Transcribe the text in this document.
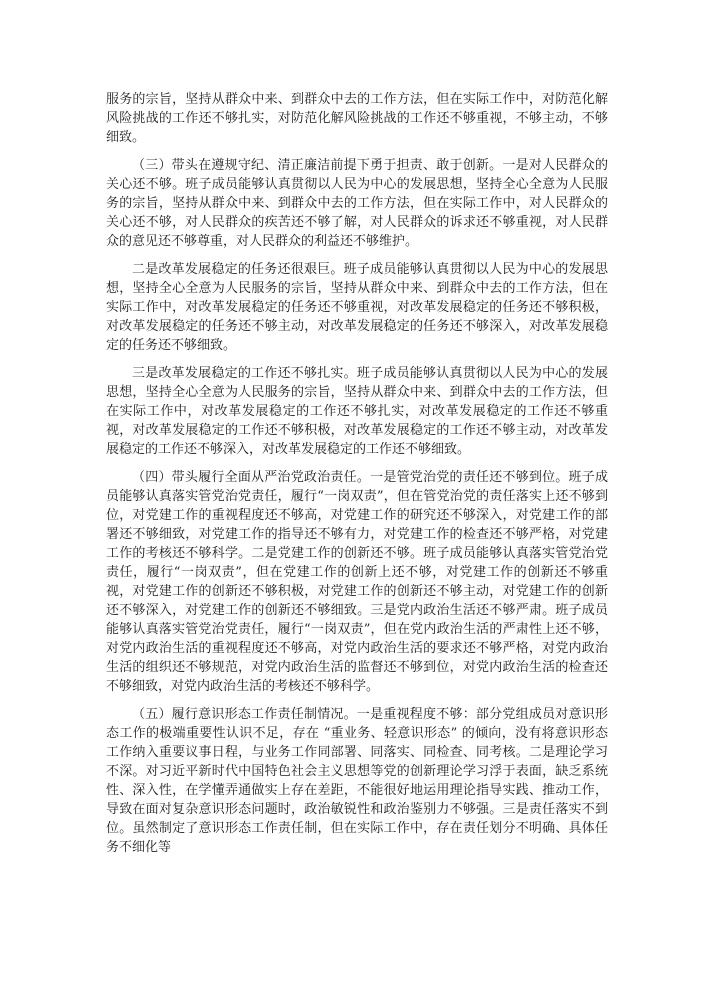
服务的宗旨，坚持从群众中来、到群众中去的工作方法，但在实际工作中，对防范化解风险挑战的工作还不够扎实，对防范化解风险挑战的工作还不够重视，不够主动，不够细致。

（三）带头在遵规守纪、清正廉洁前提下勇于担责、敢于创新。一是对人民群众的关心还不够。班子成员能够认真贯彻以人民为中心的发展思想，坚持全心全意为人民服务的宗旨，坚持从群众中来、到群众中去的工作方法，但在实际工作中，对人民群众的关心还不够，对人民群众的疾苦还不够了解，对人民群众的诉求还不够重视，对人民群众的意见还不够尊重，对人民群众的利益还不够维护。

二是改革发展稳定的任务还很艰巨。班子成员能够认真贯彻以人民为中心的发展思想，坚持全心全意为人民服务的宗旨，坚持从群众中来、到群众中去的工作方法，但在实际工作中，对改革发展稳定的任务还不够重视，对改革发展稳定的任务还不够积极，对改革发展稳定的任务还不够主动，对改革发展稳定的任务还不够深入，对改革发展稳定的任务还不够细致。

三是改革发展稳定的工作还不够扎实。班子成员能够认真贯彻以人民为中心的发展思想，坚持全心全意为人民服务的宗旨，坚持从群众中来、到群众中去的工作方法，但在实际工作中，对改革发展稳定的工作还不够扎实，对改革发展稳定的工作还不够重视，对改革发展稳定的工作还不够积极，对改革发展稳定的工作还不够主动，对改革发展稳定的工作还不够深入，对改革发展稳定的工作还不够细致。

（四）带头履行全面从严治党政治责任。一是管党治党的责任还不够到位。班子成员能够认真落实管党治党责任，履行“一岗双责”，但在管党治党的责任落实上还不够到位，对党建工作的重视程度还不够高，对党建工作的研究还不够深入，对党建工作的部署还不够细致，对党建工作的指导还不够有力，对党建工作的检查还不够严格，对党建工作的考核还不够科学。二是党建工作的创新还不够。班子成员能够认真落实管党治党责任，履行“一岗双责”，但在党建工作的创新上还不够，对党建工作的创新还不够重视，对党建工作的创新还不够积极，对党建工作的创新还不够主动，对党建工作的创新还不够深入，对党建工作的创新还不够细致。三是党内政治生活还不够严肃。班子成员能够认真落实管党治党责任，履行“一岗双责”，但在党内政治生活的严肃性上还不够，对党内政治生活的重视程度还不够高，对党内政治生活的要求还不够严格，对党内政治生活的组织还不够规范，对党内政治生活的监督还不够到位，对党内政治生活的检查还不够细致，对党内政治生活的考核还不够科学。

（五）履行意识形态工作责任制情况。一是重视程度不够：部分党组成员对意识形态工作的极端重要性认识不足，存在 “重业务、轻意识形态” 的倾向，没有将意识形态工作纳入重要议事日程，与业务工作同部署、同落实、同检查、同考核。二是理论学习不深。对习近平新时代中国特色社会主义思想等党的创新理论学习浮于表面，缺乏系统性、深入性，在学懂弄通做实上存在差距，不能很好地运用理论指导实践、推动工作，导致在面对复杂意识形态问题时，政治敏锐性和政治鉴别力不够强。三是责任落实不到位。虽然制定了意识形态工作责任制，但在实际工作中，存在责任划分不明确、具体任务不细化等
